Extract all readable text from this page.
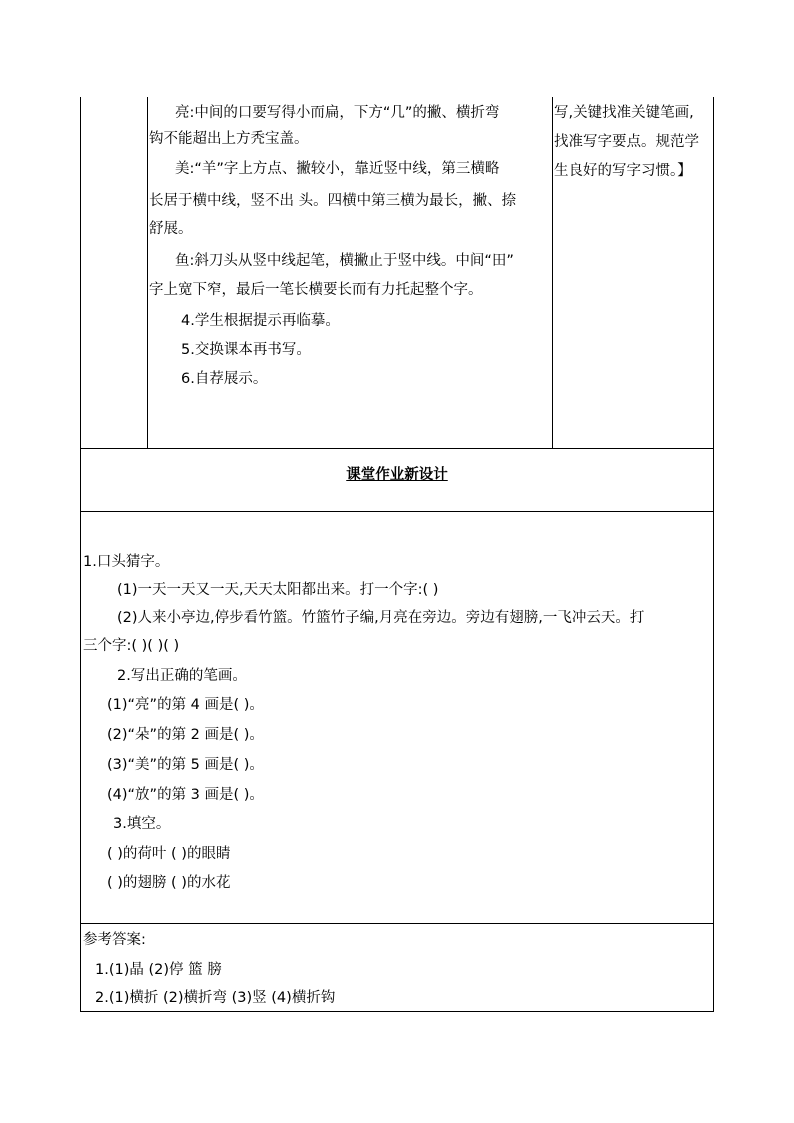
亮:中间的口要写得小而扁，下方“几”的撇、横折弯
钩不能超出上方秃宝盖。
美:“羊”字上方点、撇较小，靠近竖中线，第三横略
长居于横中线，竖不出 头。四横中第三横为最长，撇、捺
舒展。
鱼:斜刀头从竖中线起笔，横撇止于竖中线。中间“田”
字上宽下窄，最后一笔长横要长而有力托起整个字。
4.学生根据提示再临摹。
5.交换课本再书写。
6.自荐展示。
写,关键找准关键笔画,
找准写字要点。规范学
生良好的写字习惯。】
课堂作业新设计
1.口头猜字。
(1)一天一天又一天,天天太阳都出来。打一个字:( )
(2)人来小亭边,停步看竹篮。竹篮竹子编,月亮在旁边。旁边有翅膀,一飞冲云天。打
三个字:( )( )( )
2.写出正确的笔画。
(1)“亮”的第 4 画是( )。
(2)“朵”的第 2 画是( )。
(3)“美”的第 5 画是( )。
(4)“放”的第 3 画是( )。
3.填空。
( )的荷叶 ( )的眼睛
( )的翅膀 ( )的水花
参考答案:
1.(1)晶 (2)停 篮 膀
2.(1)横折 (2)横折弯 (3)竖 (4)横折钩
